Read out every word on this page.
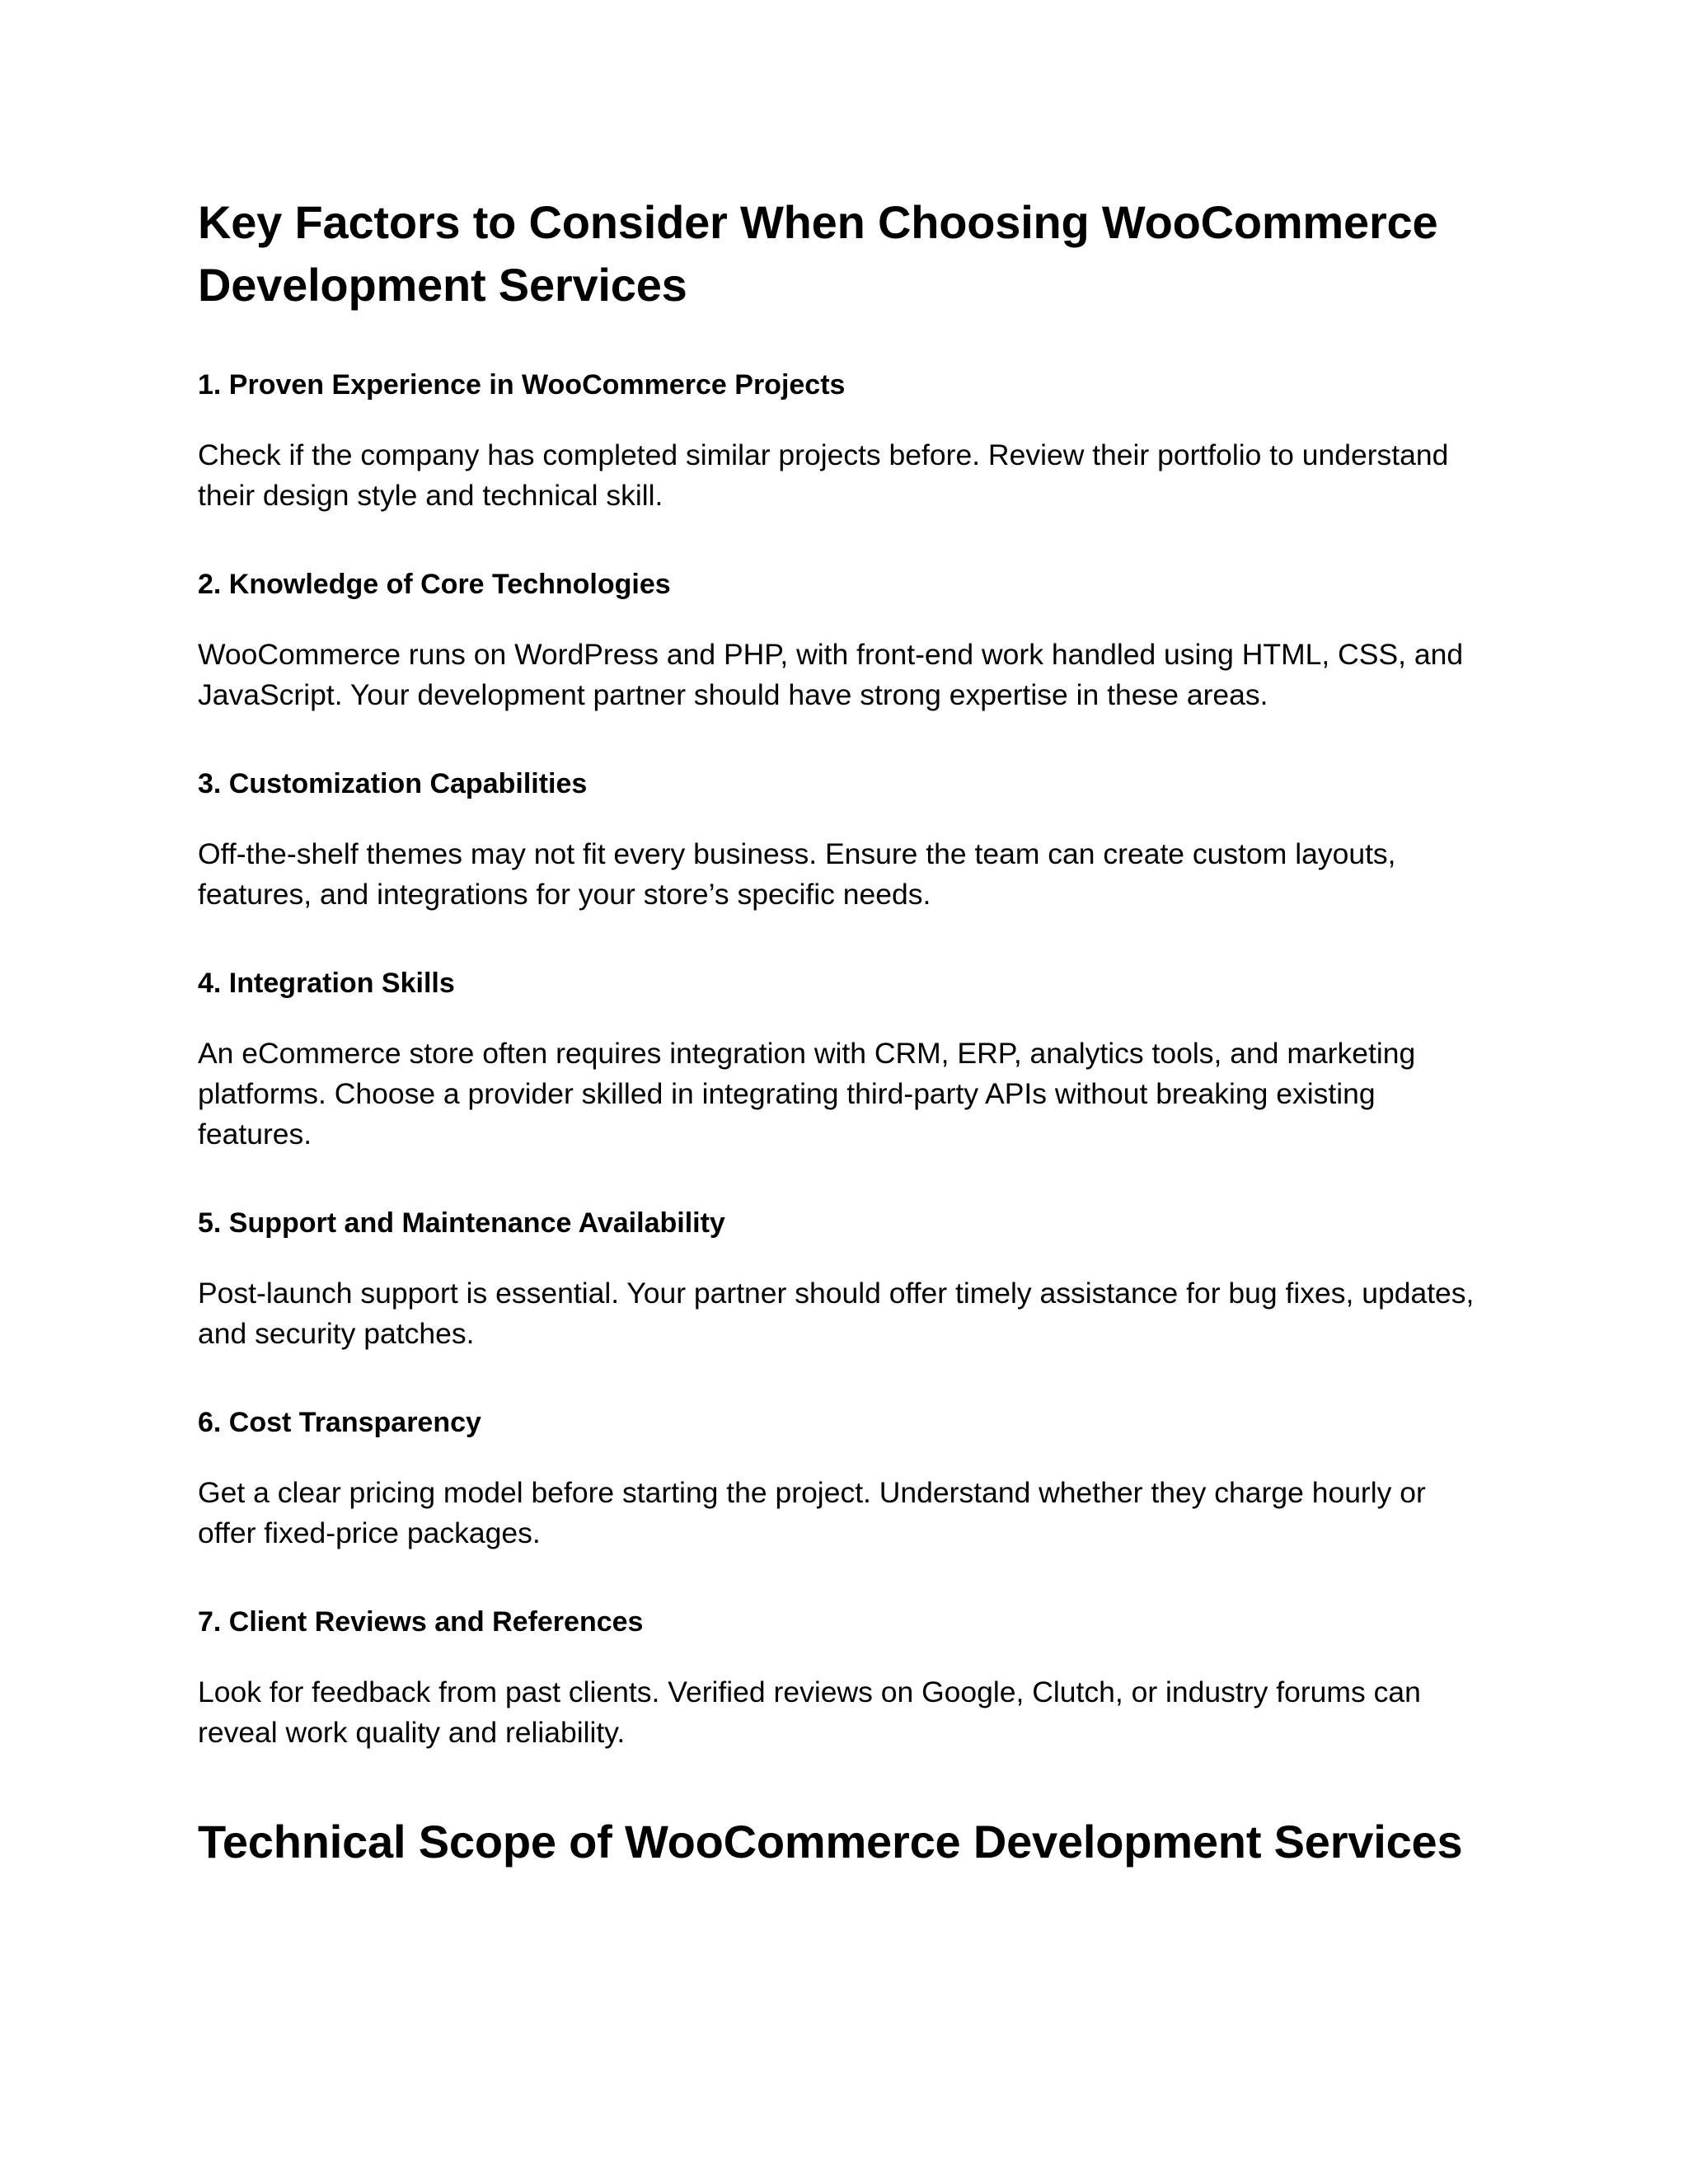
Key Factors to Consider When Choosing WooCommerce Development Services
1. Proven Experience in WooCommerce Projects

Check if the company has completed similar projects before. Review their portfolio to understand their design style and technical skill.

2. Knowledge of Core Technologies

WooCommerce runs on WordPress and PHP, with front-end work handled using HTML, CSS, and JavaScript. Your development partner should have strong expertise in these areas.

3. Customization Capabilities

Off-the-shelf themes may not fit every business. Ensure the team can create custom layouts, features, and integrations for your store’s specific needs.

4. Integration Skills

An eCommerce store often requires integration with CRM, ERP, analytics tools, and marketing platforms. Choose a provider skilled in integrating third-party APIs without breaking existing features.

5. Support and Maintenance Availability

Post-launch support is essential. Your partner should offer timely assistance for bug fixes, updates, and security patches.

6. Cost Transparency

Get a clear pricing model before starting the project. Understand whether they charge hourly or offer fixed-price packages.

7. Client Reviews and References

Look for feedback from past clients. Verified reviews on Google, Clutch, or industry forums can reveal work quality and reliability.

Technical Scope of WooCommerce Development Services
